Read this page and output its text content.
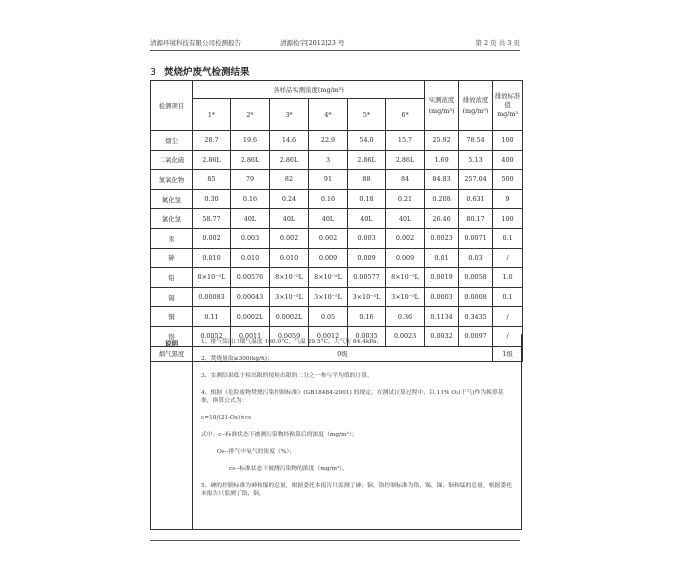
清源环境科技有限公司检测报告	清源检字[2012]23 号	第 2 页 共 3 页
3 焚烧炉废气检测结果
检测项目	各样品实测浓度(mg/m³)						实测浓度(mg/m³)	排放浓度(mg/m³)	排放标准值 mg/m³
	1*	2*	3*	4*	5*	6*			
烟尘	28.7	19.6	14.6	22.9	54.0	15.7	25.92	78.54	100
二氧化硫	2.86L	2.86L	2.86L	3	2.86L	2.86L	1.69	5.13	400
氮氧化物	85	79	82	91	88	84	84.83	257.04	500
氟化氢	0.30	0.16	0.24	0.16	0.18	0.21	0.208	0.631	9
氯化氢	58.77	40L	40L	40L	40L	40L	26.46	80.17	100
汞	0.002	0.003	0.002	0.002	0.003	0.002	0.0023	0.0071	0.1
砷	0.010	0.010	0.010	0.009	0.009	0.009	0.01	0.03	/
铅	8×10⁻⁵L	0.00576	8×10⁻⁵L	8×10⁻⁵L	0.00577	8×10⁻⁵L	0.0019	0.0058	1.0
镉	0.00083	0.00043	3×10⁻⁵L	3×10⁻⁵L	3×10⁻⁵L	3×10⁻⁵L	0.0003	0.0008	0.1
铜	0.11	0.0002L	0.0002L	0.05	0.16	0.36	0.1134	0.3435	/
铬	0.0052	0.0011	0.0059	0.0012	0.0035	0.0023	0.0032	0.0097	/
烟气黑度	0级								1级
说明	1、排气筒出口烟气温度 160.0°C，气温 29.5°C，大气压 84.4kPa；

2、焚烧量取≤300(kg/h)；

3、实测结果低于检出限的按检出限的二分之一参与平均值的计算。

4、根据《危险废物焚烧污染控制标准》(GB18484-2001) 的规定，在测试计算过程中，以 11% O₂(干气)作为换算基准，换算公式为：

c=10/(21-Os)×cs

式中：c--标准状态下被测污染物经换算后的浓度（mg/m³）；

Os--排气中氧气的浓度（%）；

cs--标准状态下被测污染物的浓度（mg/m³）。

5、砷的控制标准为砷和镍的总量，根据委托本报告只监测了砷；铜、铬控制标准为铬、锡、锑、铜和锰的总量，根据委托本报告只监测了铬、铜。
